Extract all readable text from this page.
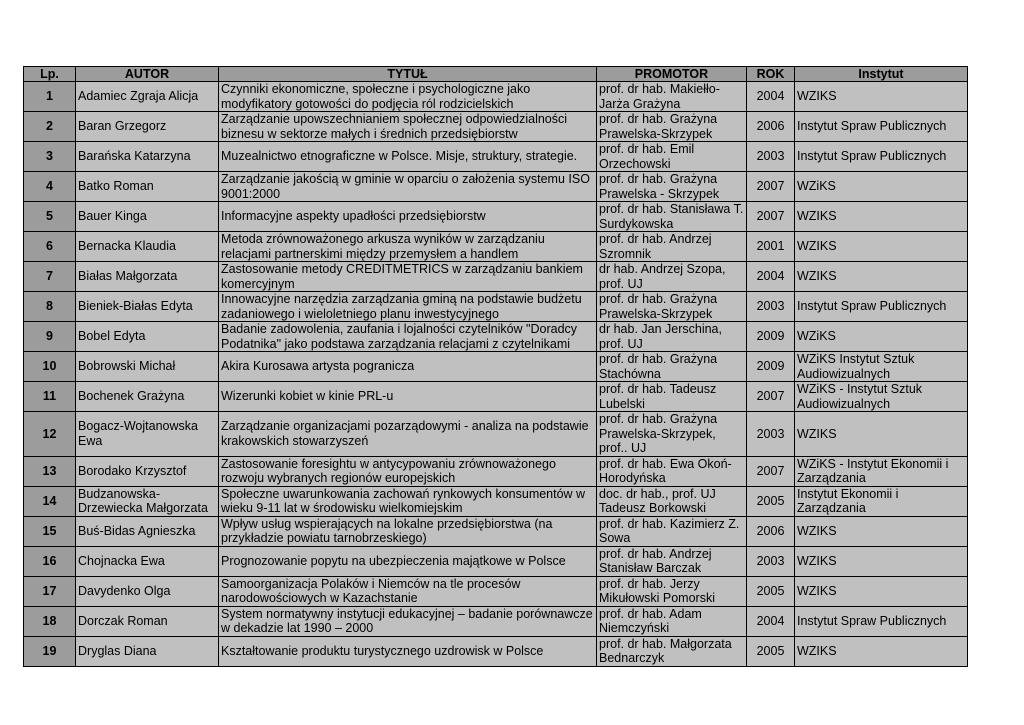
Lp.	AUTOR	TYTUŁ	PROMOTOR	ROK	Instytut
1	Adamiec Zgraja Alicja	Czynniki ekonomiczne, społeczne i psychologiczne jako modyfikatory gotowości do podjęcia ról rodzicielskich	prof. dr hab. Makiełło-Jarża Grażyna	2004	WZIKS
2	Baran Grzegorz	Zarządzanie upowszechnianiem społecznej odpowiedzialności biznesu w sektorze małych i średnich przedsiębiorstw	prof. dr hab. Grażyna Prawelska-Skrzypek	2006	Instytut Spraw Publicznych
3	Barańska Katarzyna	Muzealnictwo etnograficzne w Polsce. Misje, struktury, strategie.	prof. dr hab. Emil Orzechowski	2003	Instytut Spraw Publicznych
4	Batko Roman	Zarządzanie jakością w gminie w oparciu o założenia systemu ISO 9001:2000	prof. dr hab. Grażyna Prawelska - Skrzypek	2007	WZiKS
5	Bauer Kinga	Informacyjne aspekty upadłości przedsiębiorstw	prof. dr hab. Stanisława T. Surdykowska	2007	WZIKS
6	Bernacka Klaudia	Metoda zrównoważonego arkusza wyników w zarządzaniu relacjami partnerskimi między przemysłem a handlem	prof. dr hab. Andrzej Szromnik	2001	WZIKS
7	Białas Małgorzata	Zastosowanie metody CREDITMETRICS w zarządzaniu bankiem komercyjnym	dr hab. Andrzej Szopa, prof. UJ	2004	WZIKS
8	Bieniek-Białas Edyta	Innowacyjne narzędzia zarządzania gminą na podstawie budżetu zadaniowego i wieloletniego planu inwestycyjnego	prof. dr hab. Grażyna Prawelska-Skrzypek	2003	Instytut Spraw Publicznych
9	Bobel Edyta	Badanie zadowolenia, zaufania i lojalności czytelników "Doradcy Podatnika" jako podstawa zarządzania relacjami z czytelnikami	dr hab. Jan Jerschina, prof. UJ	2009	WZiKS
10	Bobrowski Michał	Akira Kurosawa artysta pogranicza	prof. dr hab. Grażyna Stachówna	2009	WZiKS Instytut Sztuk Audiowizualnych
11	Bochenek Grażyna	Wizerunki kobiet w kinie PRL-u	prof. dr hab. Tadeusz Lubelski	2007	WZiKS - Instytut Sztuk Audiowizualnych
12	Bogacz-Wojtanowska Ewa	Zarządzanie organizacjami pozarządowymi - analiza na podstawie krakowskich stowarzyszeń	prof. dr hab. Grażyna Prawelska-Skrzypek, prof.. UJ	2003	WZIKS
13	Borodako Krzysztof	Zastosowanie foresightu w antycypowaniu zrównoważonego rozwoju wybranych regionów europejskich	prof. dr hab. Ewa Okoń-Horodyńska	2007	WZiKS - Instytut Ekonomii i Zarządzania
14	Budzanowska-Drzewiecka Małgorzata	Społeczne uwarunkowania zachowań rynkowych konsumentów w wieku 9-11 lat w środowisku wielkomiejskim	doc. dr hab., prof. UJ Tadeusz Borkowski	2005	Instytut Ekonomii i Zarządzania
15	Buś-Bidas Agnieszka	Wpływ usług wspierających na lokalne przedsiębiorstwa (na przykładzie powiatu tarnobrzeskiego)	prof. dr hab. Kazimierz Z. Sowa	2006	WZIKS
16	Chojnacka Ewa	Prognozowanie popytu na ubezpieczenia majątkowe w Polsce	prof. dr hab. Andrzej Stanisław Barczak	2003	WZIKS
17	Davydenko Olga	Samoorganizacja Polaków i Niemców na tle procesów narodowościowych w Kazachstanie	prof. dr hab. Jerzy Mikułowski Pomorski	2005	WZIKS
18	Dorczak Roman	System normatywny instytucji edukacyjnej – badanie porównawcze w dekadzie lat 1990 – 2000	prof. dr hab. Adam Niemczyński	2004	Instytut Spraw Publicznych
19	Dryglas Diana	Kształtowanie produktu turystycznego uzdrowisk w Polsce	prof. dr hab. Małgorzata Bednarczyk	2005	WZIKS
